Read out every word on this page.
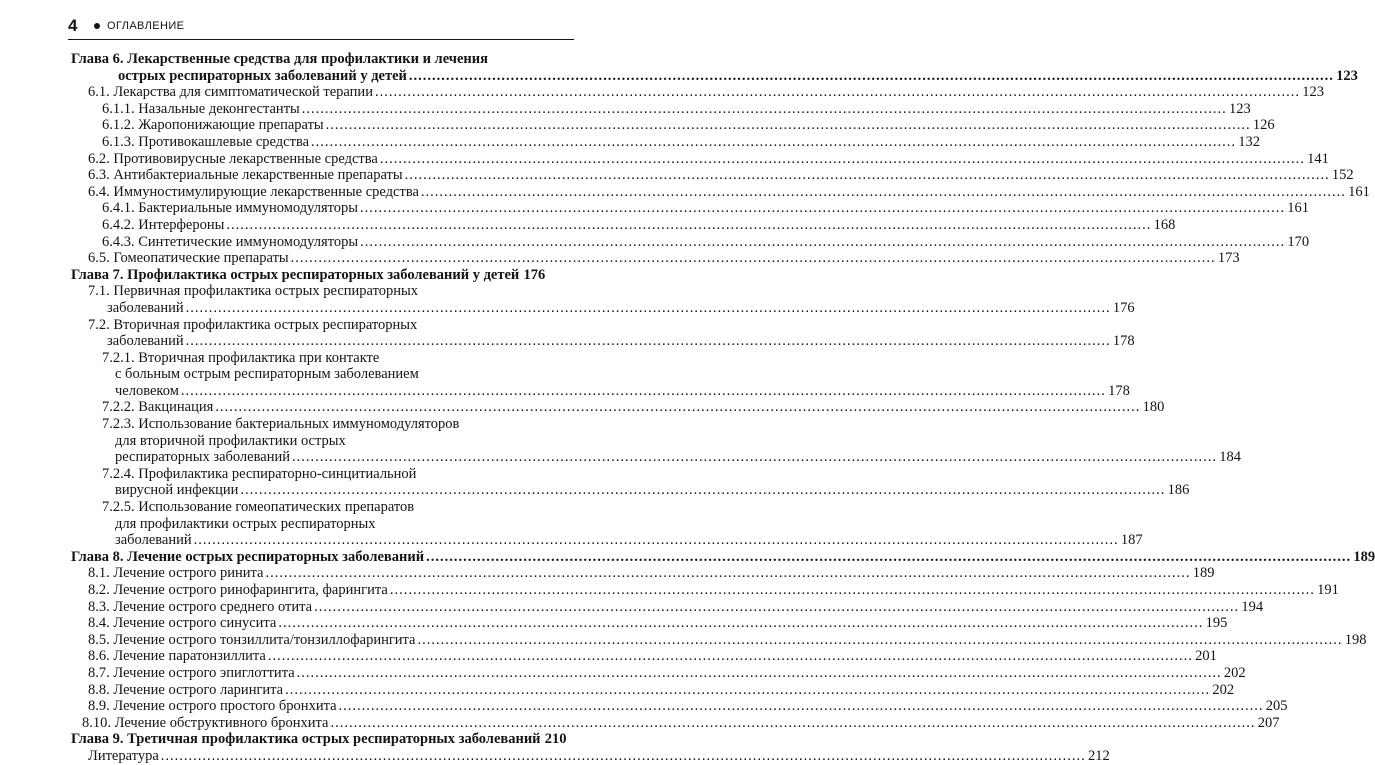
4	ОГЛАВЛЕНИЕ
Глава 6. Лекарственные средства для профилактики и лечения
острых респираторных заболеваний у детей ........................................................................................................................................................................................................ 123
6.1. Лекарства для симптоматической терапии ........................................................................................................................................................................................................ 123
6.1.1. Назальные деконгестанты ........................................................................................................................................................................................................ 123
6.1.2. Жаропонижающие препараты ........................................................................................................................................................................................................ 126
6.1.3. Противокашлевые средства ........................................................................................................................................................................................................ 132
6.2. Противовирусные лекарственные средства ........................................................................................................................................................................................................ 141
6.3. Антибактериальные лекарственные препараты ........................................................................................................................................................................................................ 152
6.4. Иммуностимулирующие лекарственные средства ........................................................................................................................................................................................................ 161
6.4.1. Бактериальные иммуномодуляторы ........................................................................................................................................................................................................ 161
6.4.2. Интерфероны ........................................................................................................................................................................................................ 168
6.4.3. Синтетические иммуномодуляторы ........................................................................................................................................................................................................ 170
6.5. Гомеопатические препараты ........................................................................................................................................................................................................ 173
Глава 7. Профилактика острых респираторных заболеваний у детей 176
7.1. Первичная профилактика острых респираторных
заболеваний ........................................................................................................................................................................................................ 176
7.2. Вторичная профилактика острых респираторных
заболеваний ........................................................................................................................................................................................................ 178
7.2.1. Вторичная профилактика при контакте
с больным острым респираторным заболеванием
человеком ........................................................................................................................................................................................................ 178
7.2.2. Вакцинация ........................................................................................................................................................................................................ 180
7.2.3. Использование бактериальных иммуномодуляторов
для вторичной профилактики острых
респираторных заболеваний ........................................................................................................................................................................................................ 184
7.2.4. Профилактика респираторно-синцитиальной
вирусной инфекции ........................................................................................................................................................................................................ 186
7.2.5. Использование гомеопатических препаратов
для профилактики острых респираторных
заболеваний ........................................................................................................................................................................................................ 187
Глава 8. Лечение острых респираторных заболеваний ........................................................................................................................................................................................................ 189
8.1. Лечение острого ринита ........................................................................................................................................................................................................ 189
8.2. Лечение острого ринофарингита, фарингита ........................................................................................................................................................................................................ 191
8.3. Лечение острого среднего отита ........................................................................................................................................................................................................ 194
8.4. Лечение острого синусита ........................................................................................................................................................................................................ 195
8.5. Лечение острого тонзиллита/тонзиллофарингита ........................................................................................................................................................................................................ 198
8.6. Лечение паратонзиллита ........................................................................................................................................................................................................ 201
8.7. Лечение острого эпиглоттита ........................................................................................................................................................................................................ 202
8.8. Лечение острого ларингита ........................................................................................................................................................................................................ 202
8.9. Лечение острого простого бронхита ........................................................................................................................................................................................................ 205
8.10. Лечение обструктивного бронхита ........................................................................................................................................................................................................ 207
Глава 9. Третичная профилактика острых респираторных заболеваний 210
Литература ........................................................................................................................................................................................................ 212
